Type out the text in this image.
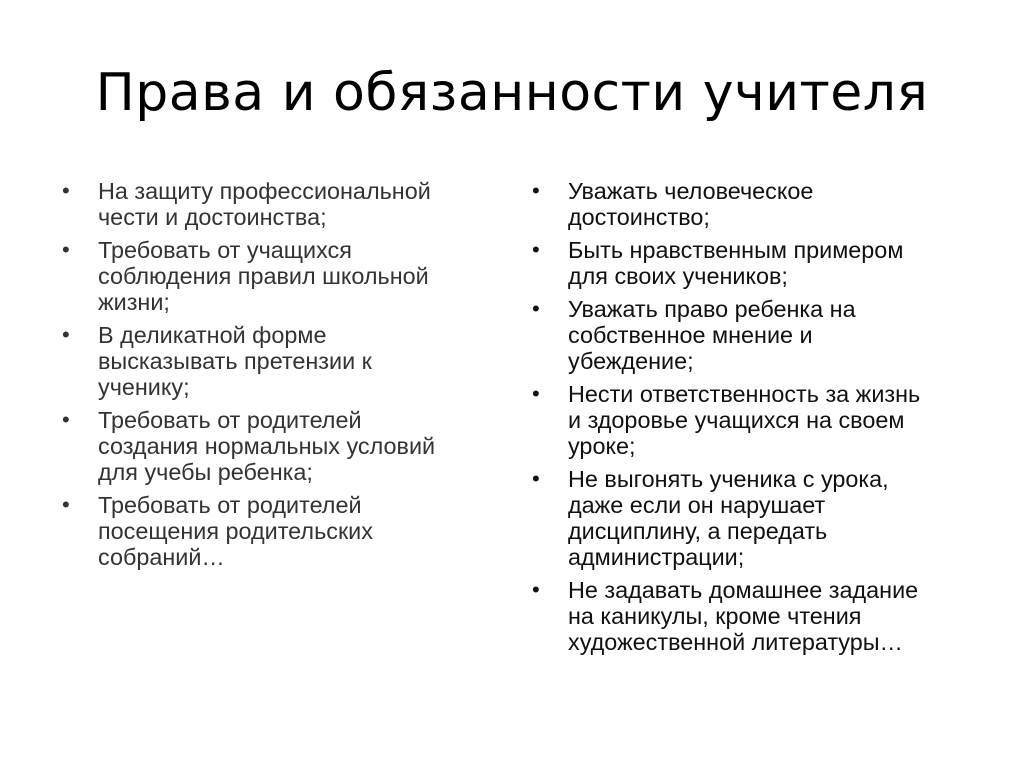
Права и обязанности учителя
• На защиту профессиональной
чести и достоинства;
• Требовать от учащихся
соблюдения правил школьной
жизни;
• В деликатной форме
высказывать претензии к
ученику;
• Требовать от родителей
создания нормальных условий
для учебы ребенка;
• Требовать от родителей
посещения родительских
собраний…
• Уважать человеческое
достоинство;
• Быть нравственным примером
для своих учеников;
• Уважать право ребенка на
собственное мнение и
убеждение;
• Нести ответственность за жизнь
и здоровье учащихся на своем
уроке;
• Не выгонять ученика с урока,
даже если он нарушает
дисциплину, а передать
администрации;
• Не задавать домашнее задание
на каникулы, кроме чтения
художественной литературы…
